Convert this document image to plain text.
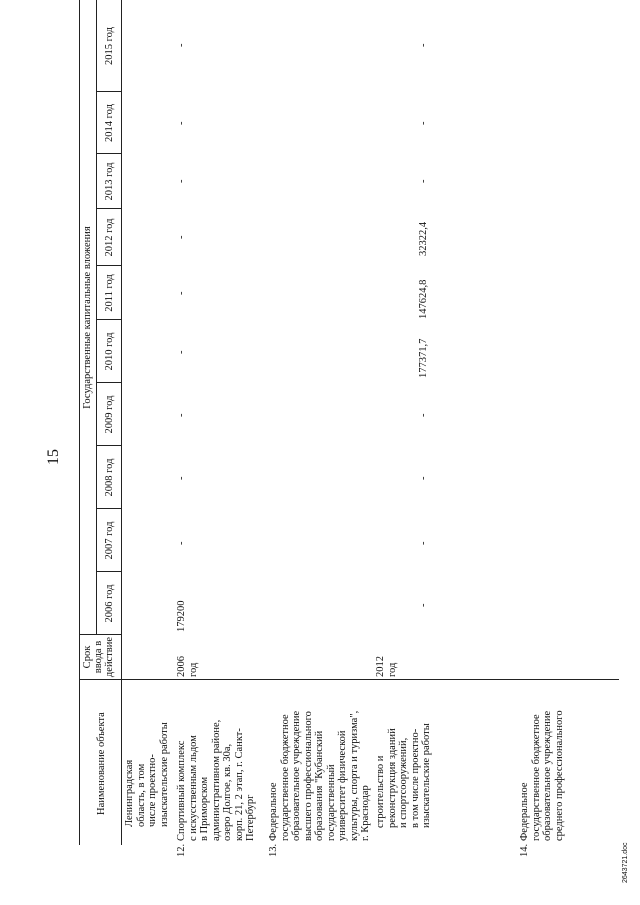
15
Наименование объекта
Срок
ввода в
действие
Государственные капитальные вложения
2006 год
2007 год
2008 год
2009 год
2010 год
2011 год
2012 год
2013 год
2014 год
2015 год
Ленинградская
область, в том
числе проектно-
изыскательские работы
12.
Спортивный комплекс
с искусственным льдом
в Приморском
административном районе,
озеро Долгое, кв. 30а,
корп. 21, 2 этап, г. Санкт-
Петербург
2006
год
179200
-
-
-
-
-
-
-
-
-
13.
Федеральное
государственное бюджетное
образовательное учреждение
высшего профессионального
образования "Кубанский
государственный
университет физической
культуры, спорта и туризма",
г. Краснодар строительство и
реконструкция зданий
и спортсооружений,
в том числе проектно-
изыскательские работы
2012
год
-
-
-
-
177371,7
147624,8
32322,4
-
-
-
14.
Федеральное
государственное бюджетное
образовательное учреждение
среднего профессионального
2643721.doc
